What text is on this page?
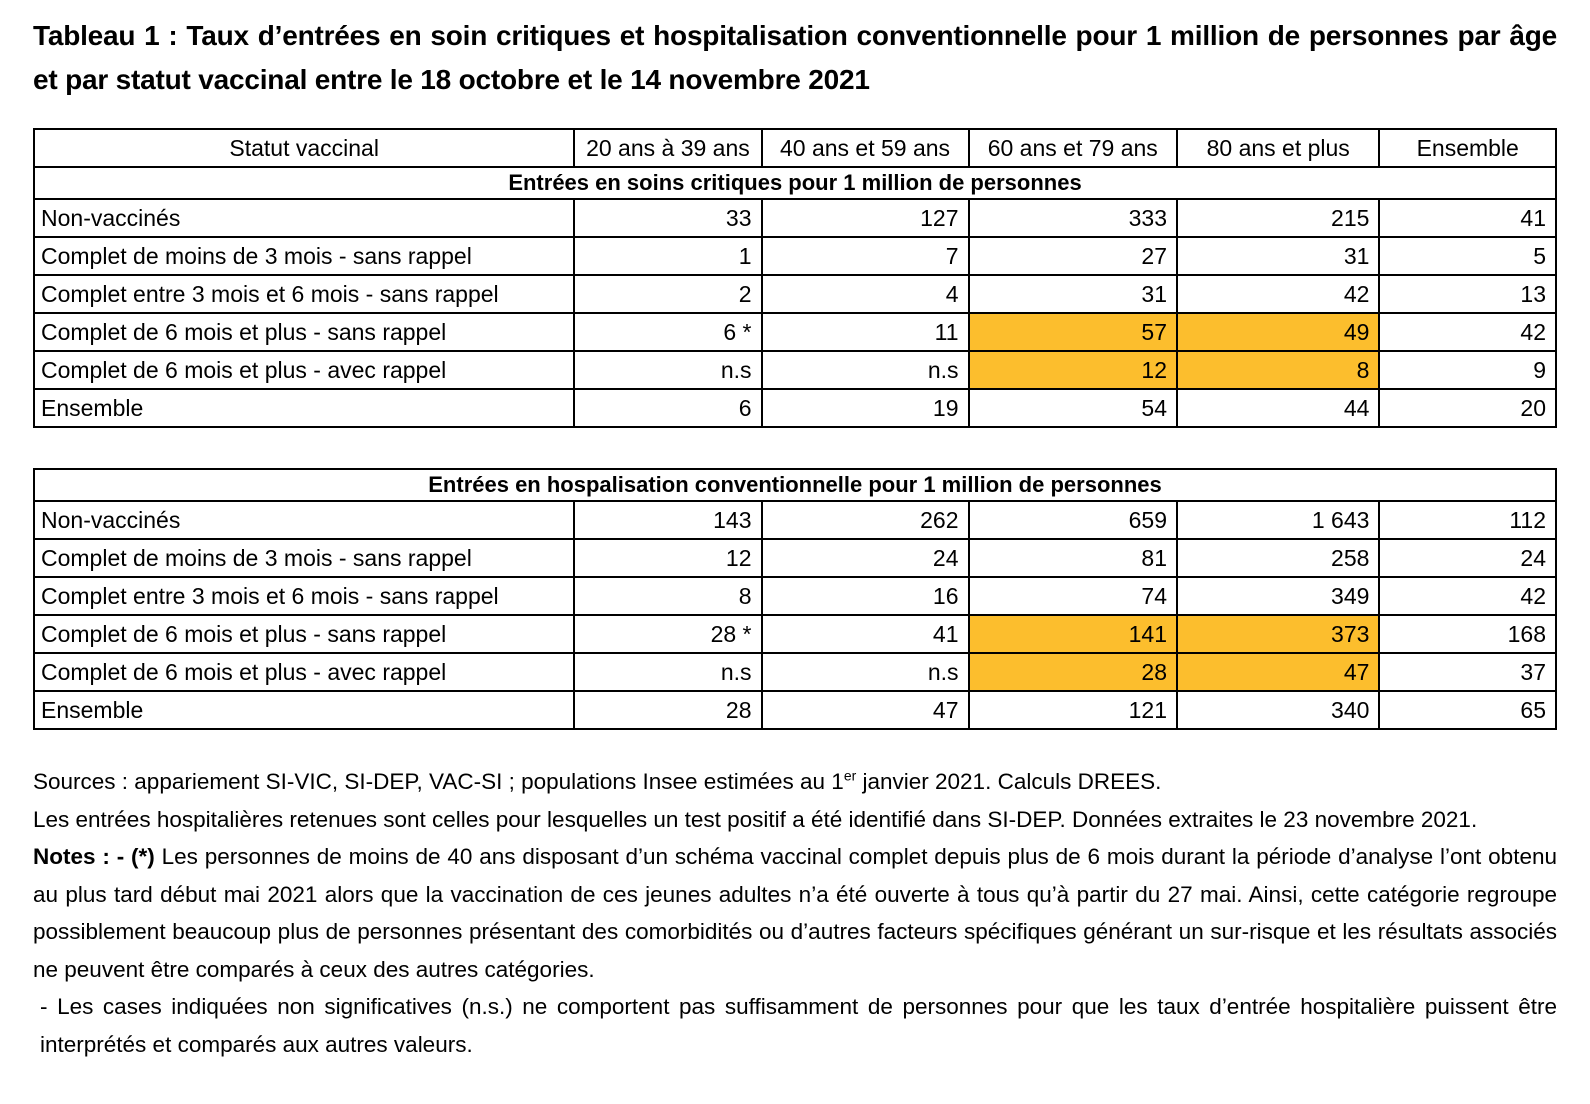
Tableau 1 : Taux d’entrées en soin critiques et hospitalisation conventionnelle pour 1 million de personnes par âge et par statut vaccinal entre le 18 octobre et le 14 novembre 2021
Statut vaccinal	20 ans à 39 ans	40 ans et 59 ans	60 ans et 79 ans	80 ans et plus	Ensemble
Entrées en soins critiques pour 1 million de personnes					
Non-vaccinés	33	127	333	215	41
Complet de moins de 3 mois - sans rappel	1	7	27	31	5
Complet entre 3 mois et 6 mois - sans rappel	2	4	31	42	13
Complet de 6 mois et plus - sans rappel	6 *	11	57	49	42
Complet de 6 mois et plus - avec rappel	n.s	n.s	12	8	9
Ensemble	6	19	54	44	20
Entrées en hospalisation conventionnelle pour 1 million de personnes					
Non-vaccinés	143	262	659	1 643	112
Complet de moins de 3 mois - sans rappel	12	24	81	258	24
Complet entre 3 mois et 6 mois - sans rappel	8	16	74	349	42
Complet de 6 mois et plus - sans rappel	28 *	41	141	373	168
Complet de 6 mois et plus - avec rappel	n.s	n.s	28	47	37
Ensemble	28	47	121	340	65

Sources : appariement SI-VIC, SI-DEP, VAC-SI ; populations Insee estimées au 1er janvier 2021. Calculs DREES.

Les entrées hospitalières retenues sont celles pour lesquelles un test positif a été identifié dans SI-DEP. Données extraites le 23 novembre 2021.

Notes : - (*) Les personnes de moins de 40 ans disposant d’un schéma vaccinal complet depuis plus de 6 mois durant la période d’analyse l’ont obtenu au plus tard début mai 2021 alors que la vaccination de ces jeunes adultes n’a été ouverte à tous qu’à partir du 27 mai. Ainsi, cette catégorie regroupe possiblement beaucoup plus de personnes présentant des comorbidités ou d’autres facteurs spécifiques générant un sur-risque et les résultats associés ne peuvent être comparés à ceux des autres catégories.

- Les cases indiquées non significatives (n.s.) ne comportent pas suffisamment de personnes pour que les taux d’entrée hospitalière puissent être interprétés et comparés aux autres valeurs.
